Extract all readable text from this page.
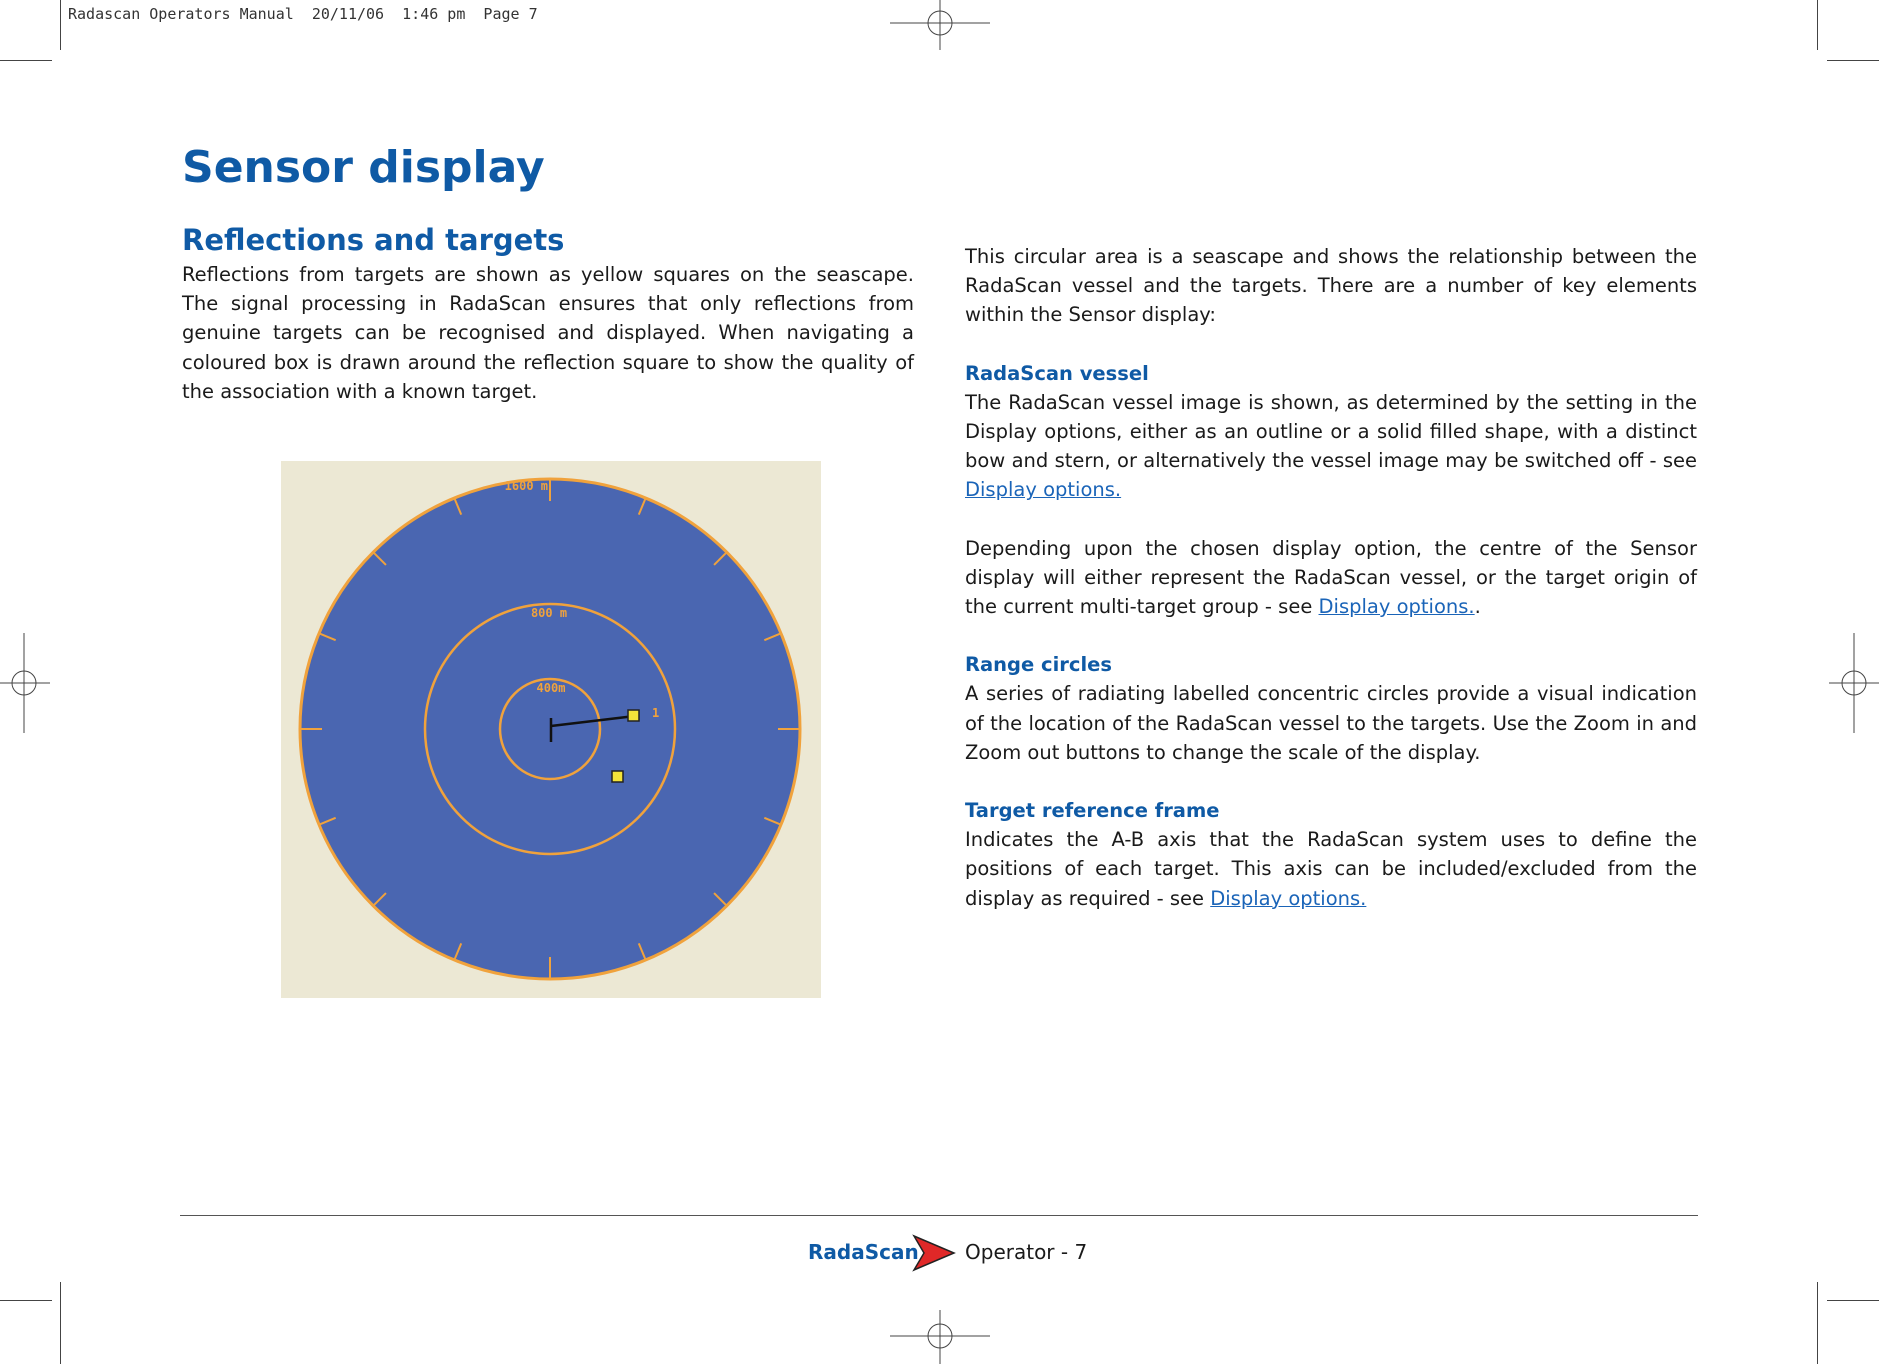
Radascan Operators Manual  20/11/06  1:46 pm  Page 7
Sensor display
Reflections and targets

Reflections from targets are shown as yellow squares on the seascape. The signal processing in RadaScan ensures that only reflections from genuine targets can be recognised and displayed. When navigating a coloured box is drawn around the reflection square to show the quality of the association with a known target.

1600 m
800 m
400m
1

This circular area is a seascape and shows the relationship between the RadaScan vessel and the targets. There are a number of key elements within the Sensor display:

RadaScan vessel

The RadaScan vessel image is shown, as determined by the setting in the Display options, either as an outline or a solid filled shape, with a distinct bow and stern, or alternatively the vessel image may be switched off - see Display options.

Depending upon the chosen display option, the centre of the Sensor display will either represent the RadaScan vessel, or the target origin of the current multi-target group - see Display options..

Range circles

A series of radiating labelled concentric circles provide a visual indication of the location of the RadaScan vessel to the targets. Use the Zoom in and Zoom out buttons to change the scale of the display.

Target reference frame

Indicates the A-B axis that the RadaScan system uses to define the positions of each target. This axis can be included/excluded from the display as required - see Display options.

RadaScan Operator - 7
